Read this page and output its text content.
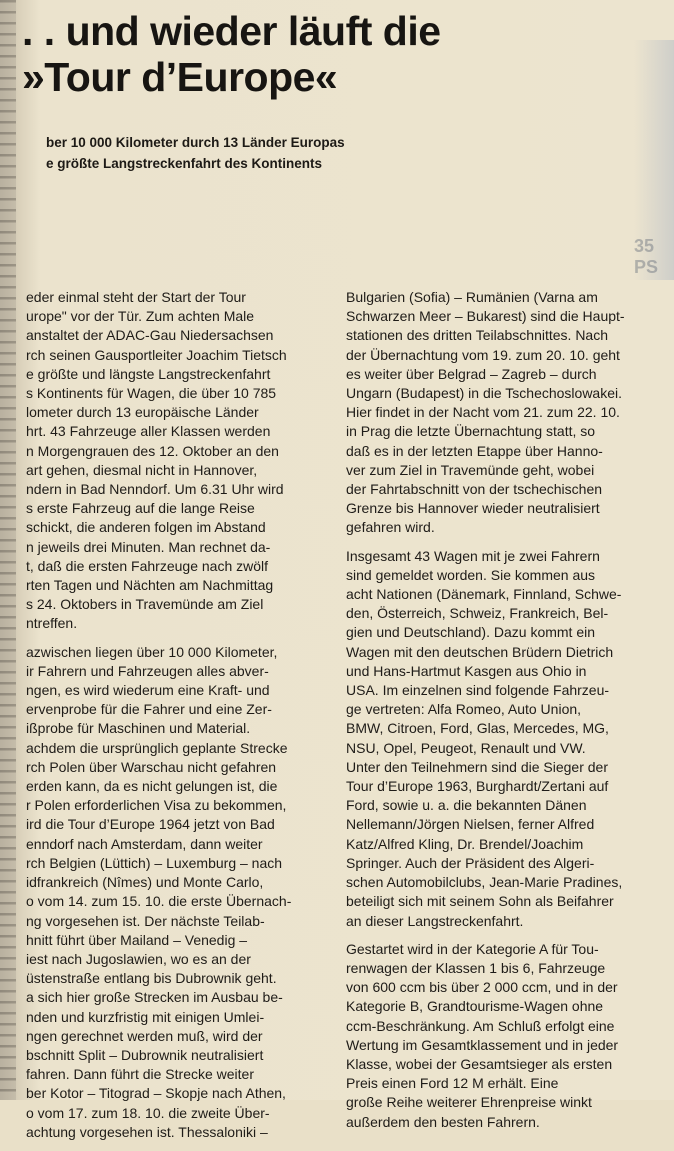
35 PS
. . und wieder läuft die
»Tour d’Europe«
ber 10 000 Kilometer durch 13 Länder Europas
e größte Langstreckenfahrt des Kontinents

eder einmal steht der Start der Tour
urope" vor der Tür. Zum achten Male
anstaltet der ADAC-Gau Niedersachsen
rch seinen Gausportleiter Joachim Tietsch
e größte und längste Langstreckenfahrt
s Kontinents für Wagen, die über 10 785
lometer durch 13 europäische Länder
hrt. 43 Fahrzeuge aller Klassen werden
n Morgengrauen des 12. Oktober an den
art gehen, diesmal nicht in Hannover,
ndern in Bad Nenndorf. Um 6.31 Uhr wird
s erste Fahrzeug auf die lange Reise
schickt, die anderen folgen im Abstand
n jeweils drei Minuten. Man rechnet da-
t, daß die ersten Fahrzeuge nach zwölf
rten Tagen und Nächten am Nachmittag
s 24. Oktobers in Travemünde am Ziel
ntreffen.

azwischen liegen über 10 000 Kilometer,
ir Fahrern und Fahrzeugen alles abver-
ngen, es wird wiederum eine Kraft- und
ervenprobe für die Fahrer und eine Zer-
ißprobe für Maschinen und Material.
achdem die ursprünglich geplante Strecke
rch Polen über Warschau nicht gefahren
erden kann, da es nicht gelungen ist, die
r Polen erforderlichen Visa zu bekommen,
ird die Tour d’Europe 1964 jetzt von Bad
enndorf nach Amsterdam, dann weiter
rch Belgien (Lüttich) – Luxemburg – nach
idfrankreich (Nîmes) und Monte Carlo,
o vom 14. zum 15. 10. die erste Übernach-
ng vorgesehen ist. Der nächste Teilab-
hnitt führt über Mailand – Venedig –
iest nach Jugoslawien, wo es an der
üstenstraße entlang bis Dubrownik geht.
a sich hier große Strecken im Ausbau be-
nden und kurzfristig mit einigen Umlei-
ngen gerechnet werden muß, wird der
bschnitt Split – Dubrownik neutralisiert
fahren. Dann führt die Strecke weiter
ber Kotor – Titograd – Skopje nach Athen,
o vom 17. zum 18. 10. die zweite Über-
achtung vorgesehen ist. Thessaloniki –

Bulgarien (Sofia) – Rumänien (Varna am
Schwarzen Meer – Bukarest) sind die Haupt-
stationen des dritten Teilabschnittes. Nach
der Übernachtung vom 19. zum 20. 10. geht
es weiter über Belgrad – Zagreb – durch
Ungarn (Budapest) in die Tschechoslowakei.
Hier findet in der Nacht vom 21. zum 22. 10.
in Prag die letzte Übernachtung statt, so
daß es in der letzten Etappe über Hanno-
ver zum Ziel in Travemünde geht, wobei
der Fahrtabschnitt von der tschechischen
Grenze bis Hannover wieder neutralisiert
gefahren wird.

Insgesamt 43 Wagen mit je zwei Fahrern
sind gemeldet worden. Sie kommen aus
acht Nationen (Dänemark, Finnland, Schwe-
den, Österreich, Schweiz, Frankreich, Bel-
gien und Deutschland). Dazu kommt ein
Wagen mit den deutschen Brüdern Dietrich
und Hans-Hartmut Kasgen aus Ohio in
USA. Im einzelnen sind folgende Fahrzeu-
ge vertreten: Alfa Romeo, Auto Union,
BMW, Citroen, Ford, Glas, Mercedes, MG,
NSU, Opel, Peugeot, Renault und VW.
Unter den Teilnehmern sind die Sieger der
Tour d’Europe 1963, Burghardt/Zertani auf
Ford, sowie u. a. die bekannten Dänen
Nellemann/Jörgen Nielsen, ferner Alfred
Katz/Alfred Kling, Dr. Brendel/Joachim
Springer. Auch der Präsident des Algeri-
schen Automobilclubs, Jean-Marie Pradines,
beteiligt sich mit seinem Sohn als Beifahrer
an dieser Langstreckenfahrt.

Gestartet wird in der Kategorie A für Tou-
renwagen der Klassen 1 bis 6, Fahrzeuge
von 600 ccm bis über 2 000 ccm, und in der
Kategorie B, Grandtourisme-Wagen ohne
ccm-Beschränkung. Am Schluß erfolgt eine
Wertung im Gesamtklassement und in jeder
Klasse, wobei der Gesamtsieger als ersten
Preis einen Ford 12 M erhält. Eine
große Reihe weiterer Ehrenpreise winkt
außerdem den besten Fahrern.
